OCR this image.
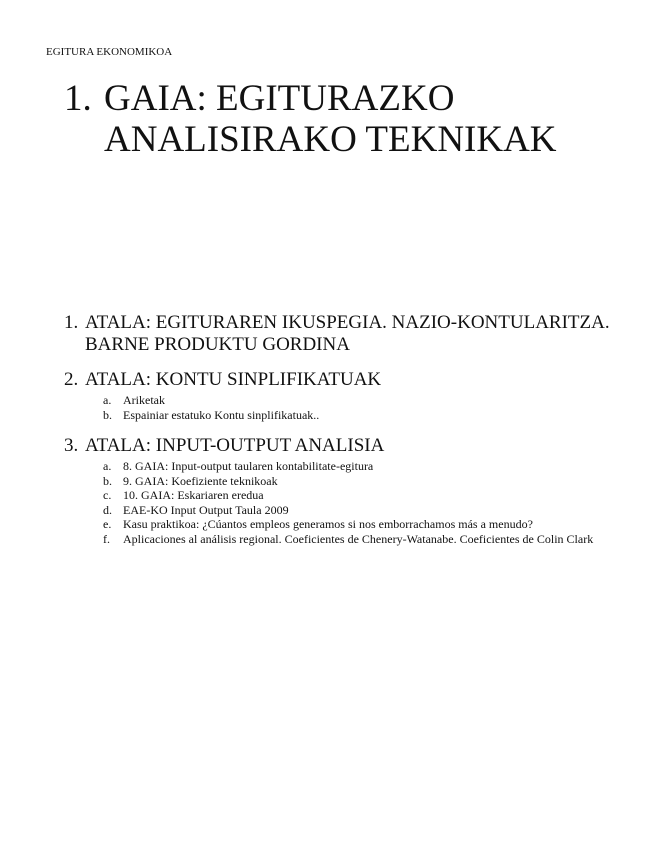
EGITURA EKONOMIKOA
1. GAIA: EGITURAZKO ANALISIRAKO TEKNIKAK
1. ATALA: EGITURAREN IKUSPEGIA. NAZIO-KONTULARITZA. BARNE PRODUKTU GORDINA
2. ATALA: KONTU SINPLIFIKATUAK
a. Ariketak
b. Espainiar estatuko Kontu sinplifikatuak..
3. ATALA: INPUT-OUTPUT ANALISIA
a. 8. GAIA: Input-output taularen kontabilitate-egitura
b. 9. GAIA: Koefiziente teknikoak
c. 10. GAIA: Eskariaren eredua
d. EAE-KO Input Output Taula 2009
e. Kasu praktikoa: ¿Cúantos empleos generamos si nos emborrachamos más a menudo?
f.	Aplicaciones al análisis regional. Coeficientes de Chenery-Watanabe. Coeficientes de Colin Clark
